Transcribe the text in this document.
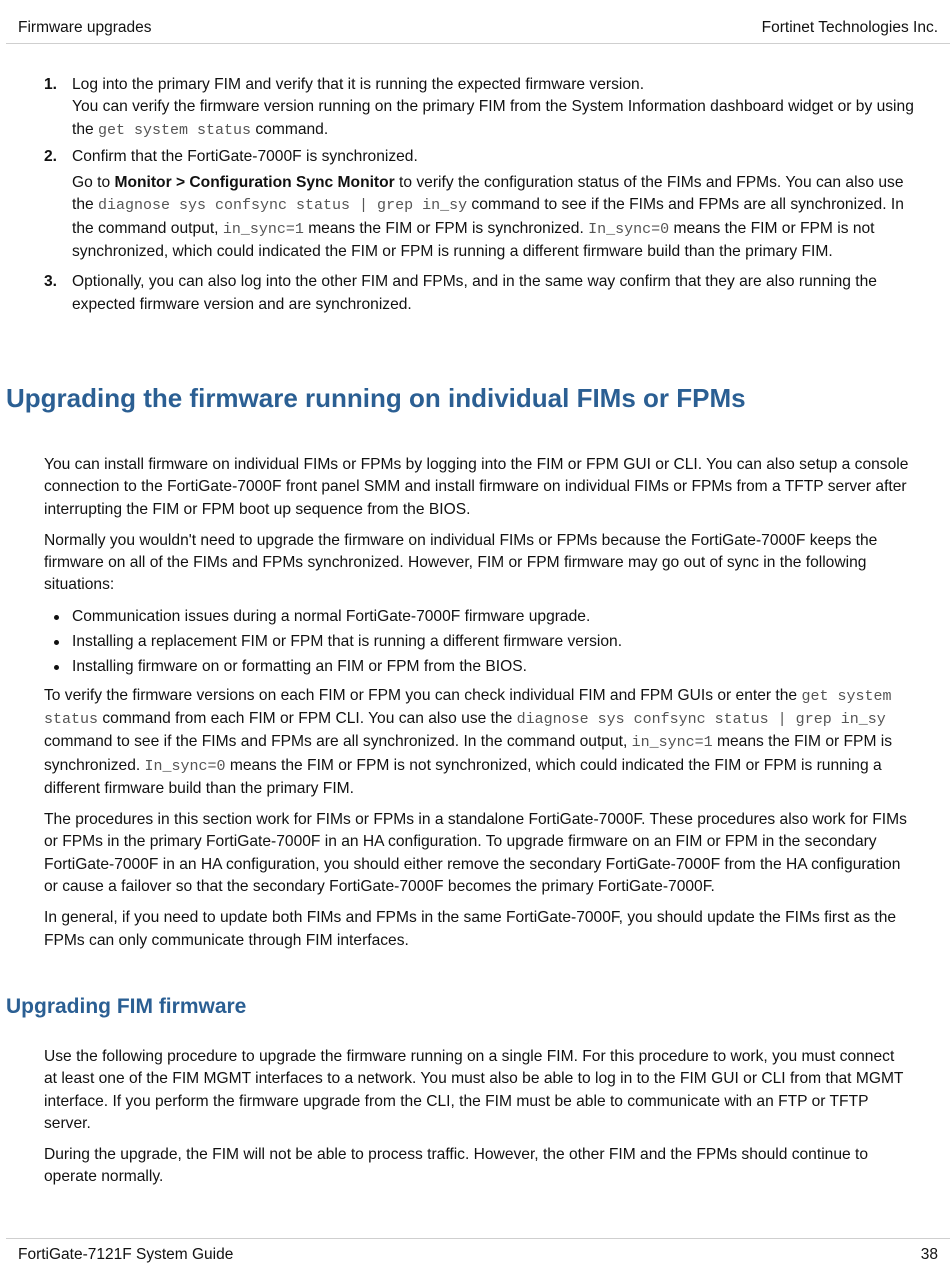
Firmware upgrades	Fortinet Technologies Inc.
1. Log into the primary FIM and verify that it is running the expected firmware version.
You can verify the firmware version running on the primary FIM from the System Information dashboard widget or by using the get system status command.
2. Confirm that the FortiGate-7000F is synchronized.

Go to Monitor > Configuration Sync Monitor to verify the configuration status of the FIMs and FPMs. You can also use the diagnose sys confsync status | grep in_sy command to see if the FIMs and FPMs are all synchronized. In the command output, in_sync=1 means the FIM or FPM is synchronized. In_sync=0 means the FIM or FPM is not synchronized, which could indicated the FIM or FPM is running a different firmware build than the primary FIM.

3. Optionally, you can also log into the other FIM and FPMs, and in the same way confirm that they are also running the expected firmware version and are synchronized.
Upgrading the firmware running on individual FIMs or FPMs

You can install firmware on individual FIMs or FPMs by logging into the FIM or FPM GUI or CLI. You can also setup a console connection to the FortiGate-7000F front panel SMM and install firmware on individual FIMs or FPMs from a TFTP server after interrupting the FIM or FPM boot up sequence from the BIOS.

Normally you wouldn't need to upgrade the firmware on individual FIMs or FPMs because the FortiGate-7000F keeps the firmware on all of the FIMs and FPMs synchronized. However, FIM or FPM firmware may go out of sync in the following situations:

Communication issues during a normal FortiGate-7000F firmware upgrade.
Installing a replacement FIM or FPM that is running a different firmware version.
Installing firmware on or formatting an FIM or FPM from the BIOS.

To verify the firmware versions on each FIM or FPM you can check individual FIM and FPM GUIs or enter the get system status command from each FIM or FPM CLI. You can also use the diagnose sys confsync status | grep in_sy command to see if the FIMs and FPMs are all synchronized. In the command output, in_sync=1 means the FIM or FPM is synchronized. In_sync=0 means the FIM or FPM is not synchronized, which could indicated the FIM or FPM is running a different firmware build than the primary FIM.

The procedures in this section work for FIMs or FPMs in a standalone FortiGate-7000F. These procedures also work for FIMs or FPMs in the primary FortiGate-7000F in an HA configuration. To upgrade firmware on an FIM or FPM in the secondary FortiGate-7000F in an HA configuration, you should either remove the secondary FortiGate-7000F from the HA configuration or cause a failover so that the secondary FortiGate-7000F becomes the primary FortiGate-7000F.

In general, if you need to update both FIMs and FPMs in the same FortiGate-7000F, you should update the FIMs first as the FPMs can only communicate through FIM interfaces.

Upgrading FIM firmware

Use the following procedure to upgrade the firmware running on a single FIM. For this procedure to work, you must connect at least one of the FIM MGMT interfaces to a network. You must also be able to log in to the FIM GUI or CLI from that MGMT interface. If you perform the firmware upgrade from the CLI, the FIM must be able to communicate with an FTP or TFTP server.

During the upgrade, the FIM will not be able to process traffic. However, the other FIM and the FPMs should continue to operate normally.

FortiGate-7121F System Guide	38
